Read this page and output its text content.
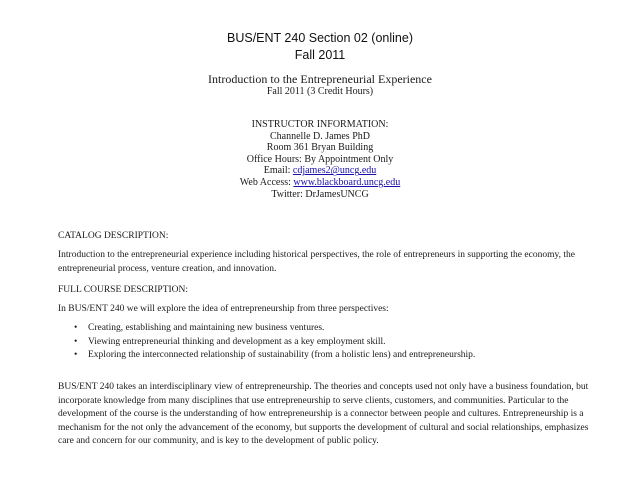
BUS/ENT 240 Section 02 (online)
Fall 2011
Introduction to the Entrepreneurial Experience
Fall 2011 (3 Credit Hours)
INSTRUCTOR INFORMATION:
Channelle D. James PhD
Room 361 Bryan Building
Office Hours: By Appointment Only
Email: cdjames2@uncg.edu
Web Access: www.blackboard.uncg.edu
Twitter: DrJamesUNCG
CATALOG DESCRIPTION:
Introduction to the entrepreneurial experience including historical perspectives, the role of entrepreneurs in supporting the economy, the entrepreneurial process, venture creation, and innovation.
FULL COURSE DESCRIPTION:
In BUS/ENT 240 we will explore the idea of entrepreneurship from three perspectives:
• Creating, establishing and maintaining new business ventures.
• Viewing entrepreneurial thinking and development as a key employment skill.
• Exploring the interconnected relationship of sustainability (from a holistic lens) and entrepreneurship.
BUS/ENT 240 takes an interdisciplinary view of entrepreneurship. The theories and concepts used not only have a business foundation, but incorporate knowledge from many disciplines that use entrepreneurship to serve clients, customers, and communities. Particular to the development of the course is the understanding of how entrepreneurship is a connector between people and cultures. Entrepreneurship is a mechanism for the not only the advancement of the economy, but supports the development of cultural and social relationships, emphasizes care and concern for our community, and is key to the development of public policy.
